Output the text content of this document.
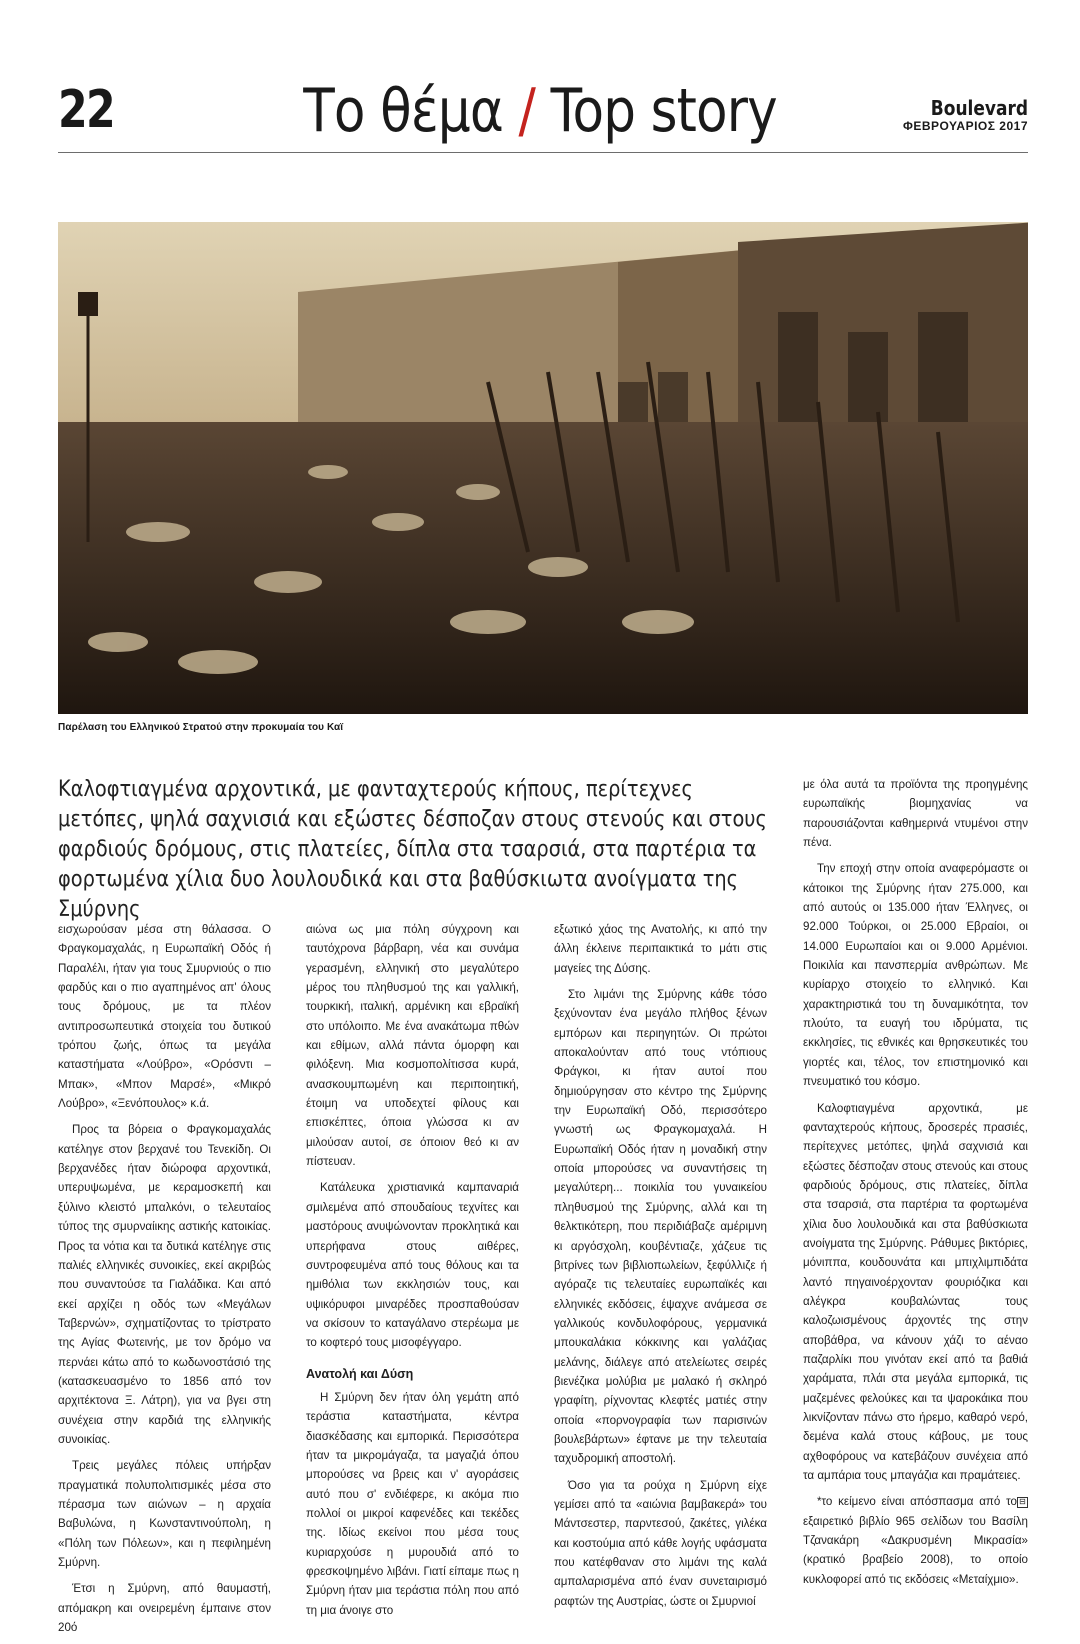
22	Το θέμα / Top story	Boulevard
ΦΕΒΡΟΥΑΡΙΟΣ 2017
Παρέλαση του Ελληνικού Στρατού στην προκυμαία του Καϊ
Καλοφτιαγμένα αρχοντικά, με φανταχτερούς κήπους, περίτεχνες μετόπες, ψηλά σαχνισιά και εξώστες δέσποζαν στους στενούς και στους φαρδιούς δρόμους, στις πλατείες, δίπλα στα τσαρσιά, στα παρτέρια τα φορτωμένα χίλια δυο λουλουδικά και στα βαθύσκιωτα ανοίγματα της Σμύρνης

εισχωρούσαν μέσα στη θάλασσα. Ο Φραγκομαχαλάς, η Ευρωπαϊκή Οδός ή Παραλέλι, ήταν για τους Σμυρνιούς ο πιο φαρδύς και ο πιο αγαπημένος απ' όλους τους δρόμους, με τα πλέον αντιπροσωπευτικά στοιχεία του δυτικού τρόπου ζωής, όπως τα μεγάλα καταστήματα «Λούβρο», «Ορόσντι – Μπακ», «Μπον Μαρσέ», «Μικρό Λούβρο», «Ξενόπουλος» κ.ά.

Προς τα βόρεια ο Φραγκομαχαλάς κατέληγε στον βερχανέ του Τενεκίδη. Οι βερχανέδες ήταν διώροφα αρχοντικά, υπερυψωμένα, με κεραμοσκεπή και ξύλινο κλειστό μπαλκόνι, ο τελευταίος τύπος της σμυρναίικης αστικής κατοικίας. Προς τα νότια και τα δυτικά κατέληγε στις παλιές ελληνικές συνοικίες, εκεί ακριβώς που συναντούσε τα Γιαλάδικα. Και από εκεί αρχίζει η οδός των «Μεγάλων Ταβερνών», σχηματίζοντας το τρίστρατο της Αγίας Φωτεινής, με τον δρόμο να περνάει κάτω από το κωδωνοστάσιό της (κατασκευασμένο το 1856 από τον αρχιτέκτονα Ξ. Λάτρη), για να βγει στη συνέχεια στην καρδιά της ελληνικής συνοικίας.

Τρεις μεγάλες πόλεις υπήρξαν πραγματικά πολυπολιτισμικές μέσα στο πέρασμα των αιώνων – η αρχαία Βαβυλώνα, η Κωνσταντινούπολη, η «Πόλη των Πόλεων», και η πεφιλημένη Σμύρνη.

Έτσι η Σμύρνη, από θαυμαστή, απόμακρη και ονειρεμένη έμπαινε στον 20ό

αιώνα ως μια πόλη σύγχρονη και ταυτόχρονα βάρβαρη, νέα και συνάμα γερασμένη, ελληνική στο μεγαλύτερο μέρος του πληθυσμού της και γαλλική, τουρκική, ιταλική, αρμένικη και εβραϊκή στο υπόλοιπο. Με ένα ανακάτωμα πθών και εθίμων, αλλά πάντα όμορφη και φιλόξενη. Μια κοσμοπολίτισσα κυρά, ανασκουμπωμένη και περιποιητική, έτοιμη να υποδεχτεί φίλους και επισκέπτες, όποια γλώσσα κι αν μιλούσαν αυτοί, σε όποιον θεό κι αν πίστευαν.

Κατάλευκα χριστιανικά καμπαναριά σμιλεμένα από σπουδαίους τεχνίτες και μαστόρους ανυψώνονταν προκλητικά και υπερήφανα στους αιθέρες, συντροφευμένα από τους θόλους και τα ημιθόλια των εκκλησιών τους, και υψικόρυφοι μιναρέδες προσπαθούσαν να σκίσουν το καταγάλανο στερέωμα με το κοφτερό τους μισοφέγγαρο.

Ανατολή και Δύση

Η Σμύρνη δεν ήταν όλη γεμάτη από τεράστια καταστήματα, κέντρα διασκέδασης και εμπορικά. Περισσότερα ήταν τα μικρομάγαζα, τα μαγαζιά όπου μπορούσες να βρεις και ν' αγοράσεις αυτό που σ' ενδιέφερε, κι ακόμα πιο πολλοί οι μικροί καφενέδες και τεκέδες της. Ιδίως εκείνοι που μέσα τους κυριαρχούσε η μυρουδιά από το φρεσκοψημένο λιβάνι. Γιατί είπαμε πως η Σμύρνη ήταν μια τεράστια πόλη που από τη μια άνοιγε στο

εξωτικό χάος της Ανατολής, κι από την άλλη έκλεινε περιπαικτικά το μάτι στις μαγείες της Δύσης.

Στο λιμάνι της Σμύρνης κάθε τόσο ξεχύνονταν ένα μεγάλο πλήθος ξένων εμπόρων και περιηγητών. Οι πρώτοι αποκαλούνταν από τους ντόπιους Φράγκοι, κι ήταν αυτοί που δημιούργησαν στο κέντρο της Σμύρνης την Ευρωπαϊκή Οδό, περισσότερο γνωστή ως Φραγκομαχαλά. Η Ευρωπαϊκή Οδός ήταν η μοναδική στην οποία μπορούσες να συναντήσεις τη μεγαλύτερη... ποικιλία του γυναικείου πληθυσμού της Σμύρνης, αλλά και τη θελκτικότερη, που περιδιάβαζε αμέριμνη κι αργόσχολη, κουβέντιαζε, χάζευε τις βιτρίνες των βιβλιοπωλείων, ξεφύλλιζε ή αγόραζε τις τελευταίες ευρωπαϊκές και ελληνικές εκδόσεις, έψαχνε ανάμεσα σε γαλλικούς κονδυλοφόρους, γερμανικά μπουκαλάκια κόκκινης και γαλάζιας μελάνης, διάλεγε από ατελείωτες σειρές βιενέζικα μολύβια με μαλακό ή σκληρό γραφίτη, ρίχνοντας κλεφτές ματιές στην οποία «πορνογραφία των παρισινών βουλεβάρτων» έφτανε με την τελευταία ταχυδρομική αποστολή.

Όσο για τα ρούχα η Σμύρνη είχε γεμίσει από τα «αιώνια βαμβακερά» του Μάντσεστερ, παρντεσού, ζακέτες, γιλέκα και κοστούμια από κάθε λογής υφάσματα που κατέφθαναν στο λιμάνι της καλά αμπαλαρισμένα από έναν συνεταιρισμό ραφτών της Αυστρίας, ώστε οι Σμυρνιοί

με όλα αυτά τα προϊόντα της προηγμένης ευρωπαϊκής βιομηχανίας να παρουσιάζονται καθημερινά ντυμένοι στην πένα.

Την εποχή στην οποία αναφερόμαστε οι κάτοικοι της Σμύρνης ήταν 275.000, και από αυτούς οι 135.000 ήταν Έλληνες, οι 92.000 Τούρκοι, οι 25.000 Εβραίοι, οι 14.000 Ευρωπαίοι και οι 9.000 Αρμένιοι. Ποικιλία και πανσπερμία ανθρώπων. Με κυρίαρχο στοιχείο το ελληνικό. Και χαρακτηριστικά του τη δυναμικότητα, τον πλούτο, τα ευαγή του ιδρύματα, τις εκκλησίες, τις εθνικές και θρησκευτικές του γιορτές και, τέλος, τον επιστημονικό και πνευματικό του κόσμο.

Καλοφτιαγμένα αρχοντικά, με φανταχτερούς κήπους, δροσερές πρασιές, περίτεχνες μετόπες, ψηλά σαχνισιά και εξώστες δέσποζαν στους στενούς και στους φαρδιούς δρόμους, στις πλατείες, δίπλα στα τσαρσιά, στα παρτέρια τα φορτωμένα χίλια δυο λουλουδικά και στα βαθύσκιωτα ανοίγματα της Σμύρνης. Ράθυμες βικτόριες, μόνιππα, κουδουνάτα και μπιχλιμπιδάτα λαντό πηγαινοέρχονταν φουριόζικα και αλέγκρα κουβαλώντας τους καλοζωισμένους άρχοντές της στην αποβάθρα, να κάνουν χάζι το αέναο παζαρλίκι που γινόταν εκεί από τα βαθιά χαράματα, πλάι στα μεγάλα εμπορικά, τις μαζεμένες φελούκες και τα ψαροκάικα που λικνίζονταν πάνω στο ήρεμο, καθαρό νερό, δεμένα καλά στους κάβους, με τους αχθοφόρους να κατεβάζουν συνέχεια από τα αμπάρια τους μπαγάζια και πραμάτειες.

⊟

*το κείμενο είναι απόσπασμα από το εξαιρετικό βιβλίο 965 σελίδων του Βασίλη Τζανακάρη «Δακρυσμένη Μικρασία» (κρατικό βραβείο 2008), το οποίο κυκλοφορεί από τις εκδόσεις «Μεταίχμιο».
